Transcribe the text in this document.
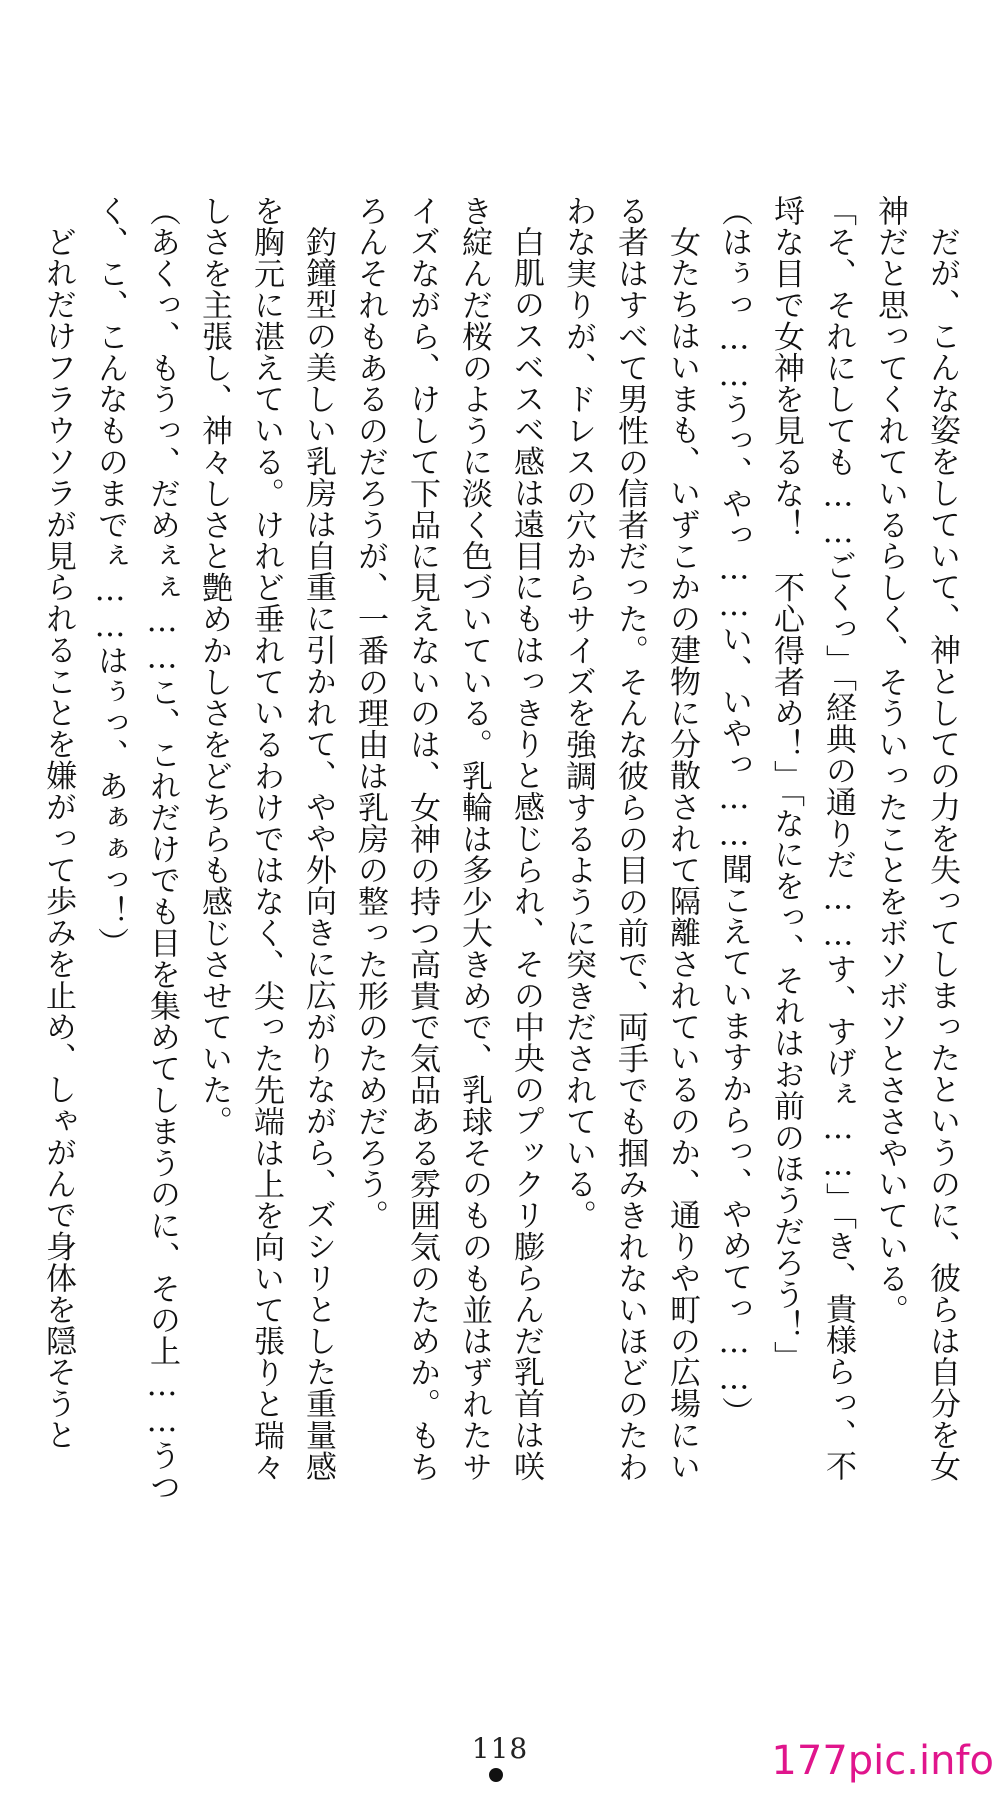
だが、こんな姿をしていて、神としての力を失ってしまったというのに、彼らは自分を女神だと思ってくれているらしく、そういったことをボソボソとささやいている。

「そ、それにしても……ごくっ」「経典の通りだ……す、すげぇ……」「き、貴様らっ、不埒な目で女神を見るな！　不心得者め！」「なにをっ、それはお前のほうだろう！」

（はぅっ……うっ、やっ……い、いやっ……聞こえていますからっ、やめてっ……）

女たちはいまも、いずこかの建物に分散されて隔離されているのか、通りや町の広場にいる者はすべて男性の信者だった。そんな彼らの目の前で、両手でも掴みきれないほどのたわわな実りが、ドレスの穴からサイズを強調するように突きだされている。

白肌のスベスベ感は遠目にもはっきりと感じられ、その中央のプックリ膨らんだ乳首は咲き綻んだ桜のように淡く色づいている。乳輪は多少大きめで、乳球そのものも並はずれたサイズながら、けして下品に見えないのは、女神の持つ高貴で気品ある雰囲気のためか。もちろんそれもあるのだろうが、一番の理由は乳房の整った形のためだろう。

釣鐘型の美しい乳房は自重に引かれて、やや外向きに広がりながら、ズシリとした重量感を胸元に湛えている。けれど垂れているわけではなく、尖った先端は上を向いて張りと瑞々しさを主張し、神々しさと艶めかしさをどちらも感じさせていた。

（あくっ、もうっ、だめぇぇ……こ、これだけでも目を集めてしまうのに、その上……うつく、こ、こんなものまでぇ……はぅっ、あぁぁっ！）

どれだけフラウソラが見られることを嫌がって歩みを止め、しゃがんで身体を隠そうと

118	177pic.info
